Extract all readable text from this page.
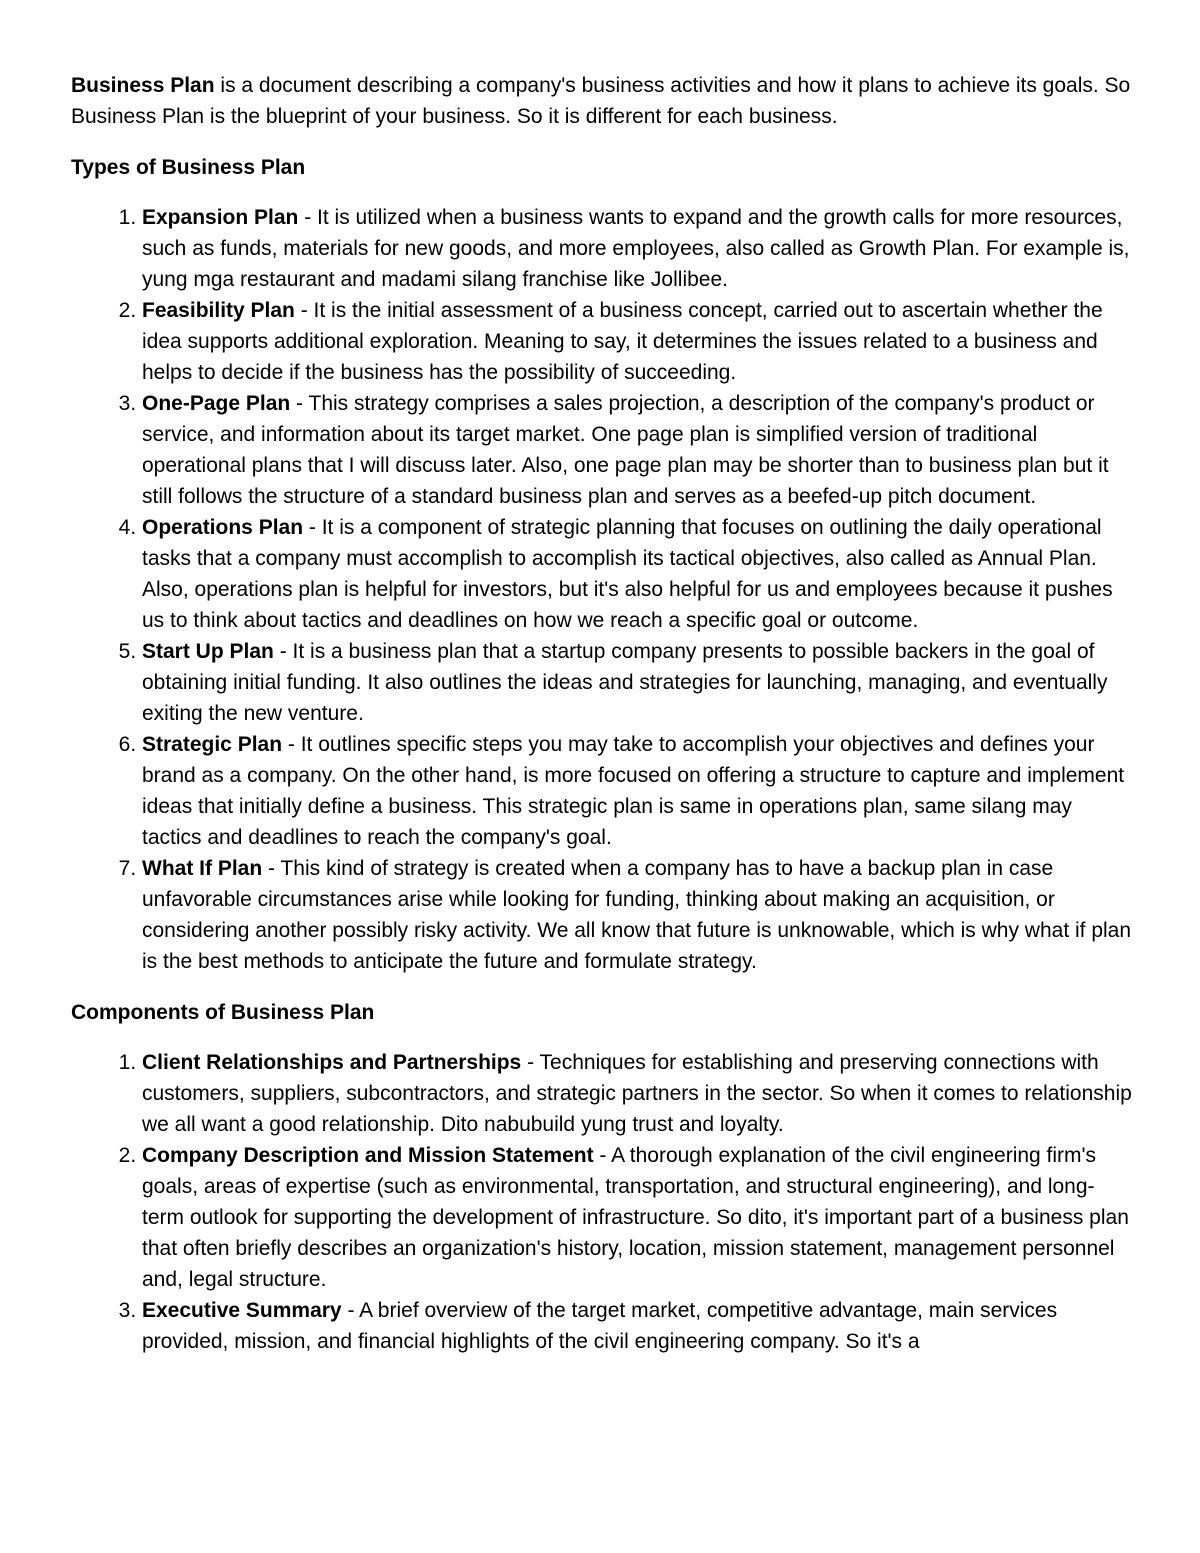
Business Plan is a document describing a company's business activities and how it plans to achieve its goals. So Business Plan is the blueprint of your business. So it is different for each business.

Types of Business Plan
1. Expansion Plan - It is utilized when a business wants to expand and the growth calls for more resources, such as funds, materials for new goods, and more employees, also called as Growth Plan. For example is, yung mga restaurant and madami silang franchise like Jollibee.
2. Feasibility Plan - It is the initial assessment of a business concept, carried out to ascertain whether the idea supports additional exploration. Meaning to say, it determines the issues related to a business and helps to decide if the business has the possibility of succeeding.
3. One-Page Plan - This strategy comprises a sales projection, a description of the company's product or service, and information about its target market. One page plan is simplified version of traditional operational plans that I will discuss later. Also, one page plan may be shorter than to business plan but it still follows the structure of a standard business plan and serves as a beefed-up pitch document.
4. Operations Plan - It is a component of strategic planning that focuses on outlining the daily operational tasks that a company must accomplish to accomplish its tactical objectives, also called as Annual Plan. Also, operations plan is helpful for investors, but it's also helpful for us and employees because it pushes us to think about tactics and deadlines on how we reach a specific goal or outcome.
5. Start Up Plan - It is a business plan that a startup company presents to possible backers in the goal of obtaining initial funding. It also outlines the ideas and strategies for launching, managing, and eventually exiting the new venture.
6. Strategic Plan - It outlines specific steps you may take to accomplish your objectives and defines your brand as a company. On the other hand, is more focused on offering a structure to capture and implement ideas that initially define a business. This strategic plan is same in operations plan, same silang may tactics and deadlines to reach the company's goal.
7. What If Plan - This kind of strategy is created when a company has to have a backup plan in case unfavorable circumstances arise while looking for funding, thinking about making an acquisition, or considering another possibly risky activity. We all know that future is unknowable, which is why what if plan is the best methods to anticipate the future and formulate strategy.
Components of Business Plan
1. Client Relationships and Partnerships - Techniques for establishing and preserving connections with customers, suppliers, subcontractors, and strategic partners in the sector. So when it comes to relationship we all want a good relationship. Dito nabubuild yung trust and loyalty.
2. Company Description and Mission Statement - A thorough explanation of the civil engineering firm's goals, areas of expertise (such as environmental, transportation, and structural engineering), and long-term outlook for supporting the development of infrastructure. So dito, it's important part of a business plan that often briefly describes an organization's history, location, mission statement, management personnel and, legal structure.
3. Executive Summary - A brief overview of the target market, competitive advantage, main services provided, mission, and financial highlights of the civil engineering company. So it's a
